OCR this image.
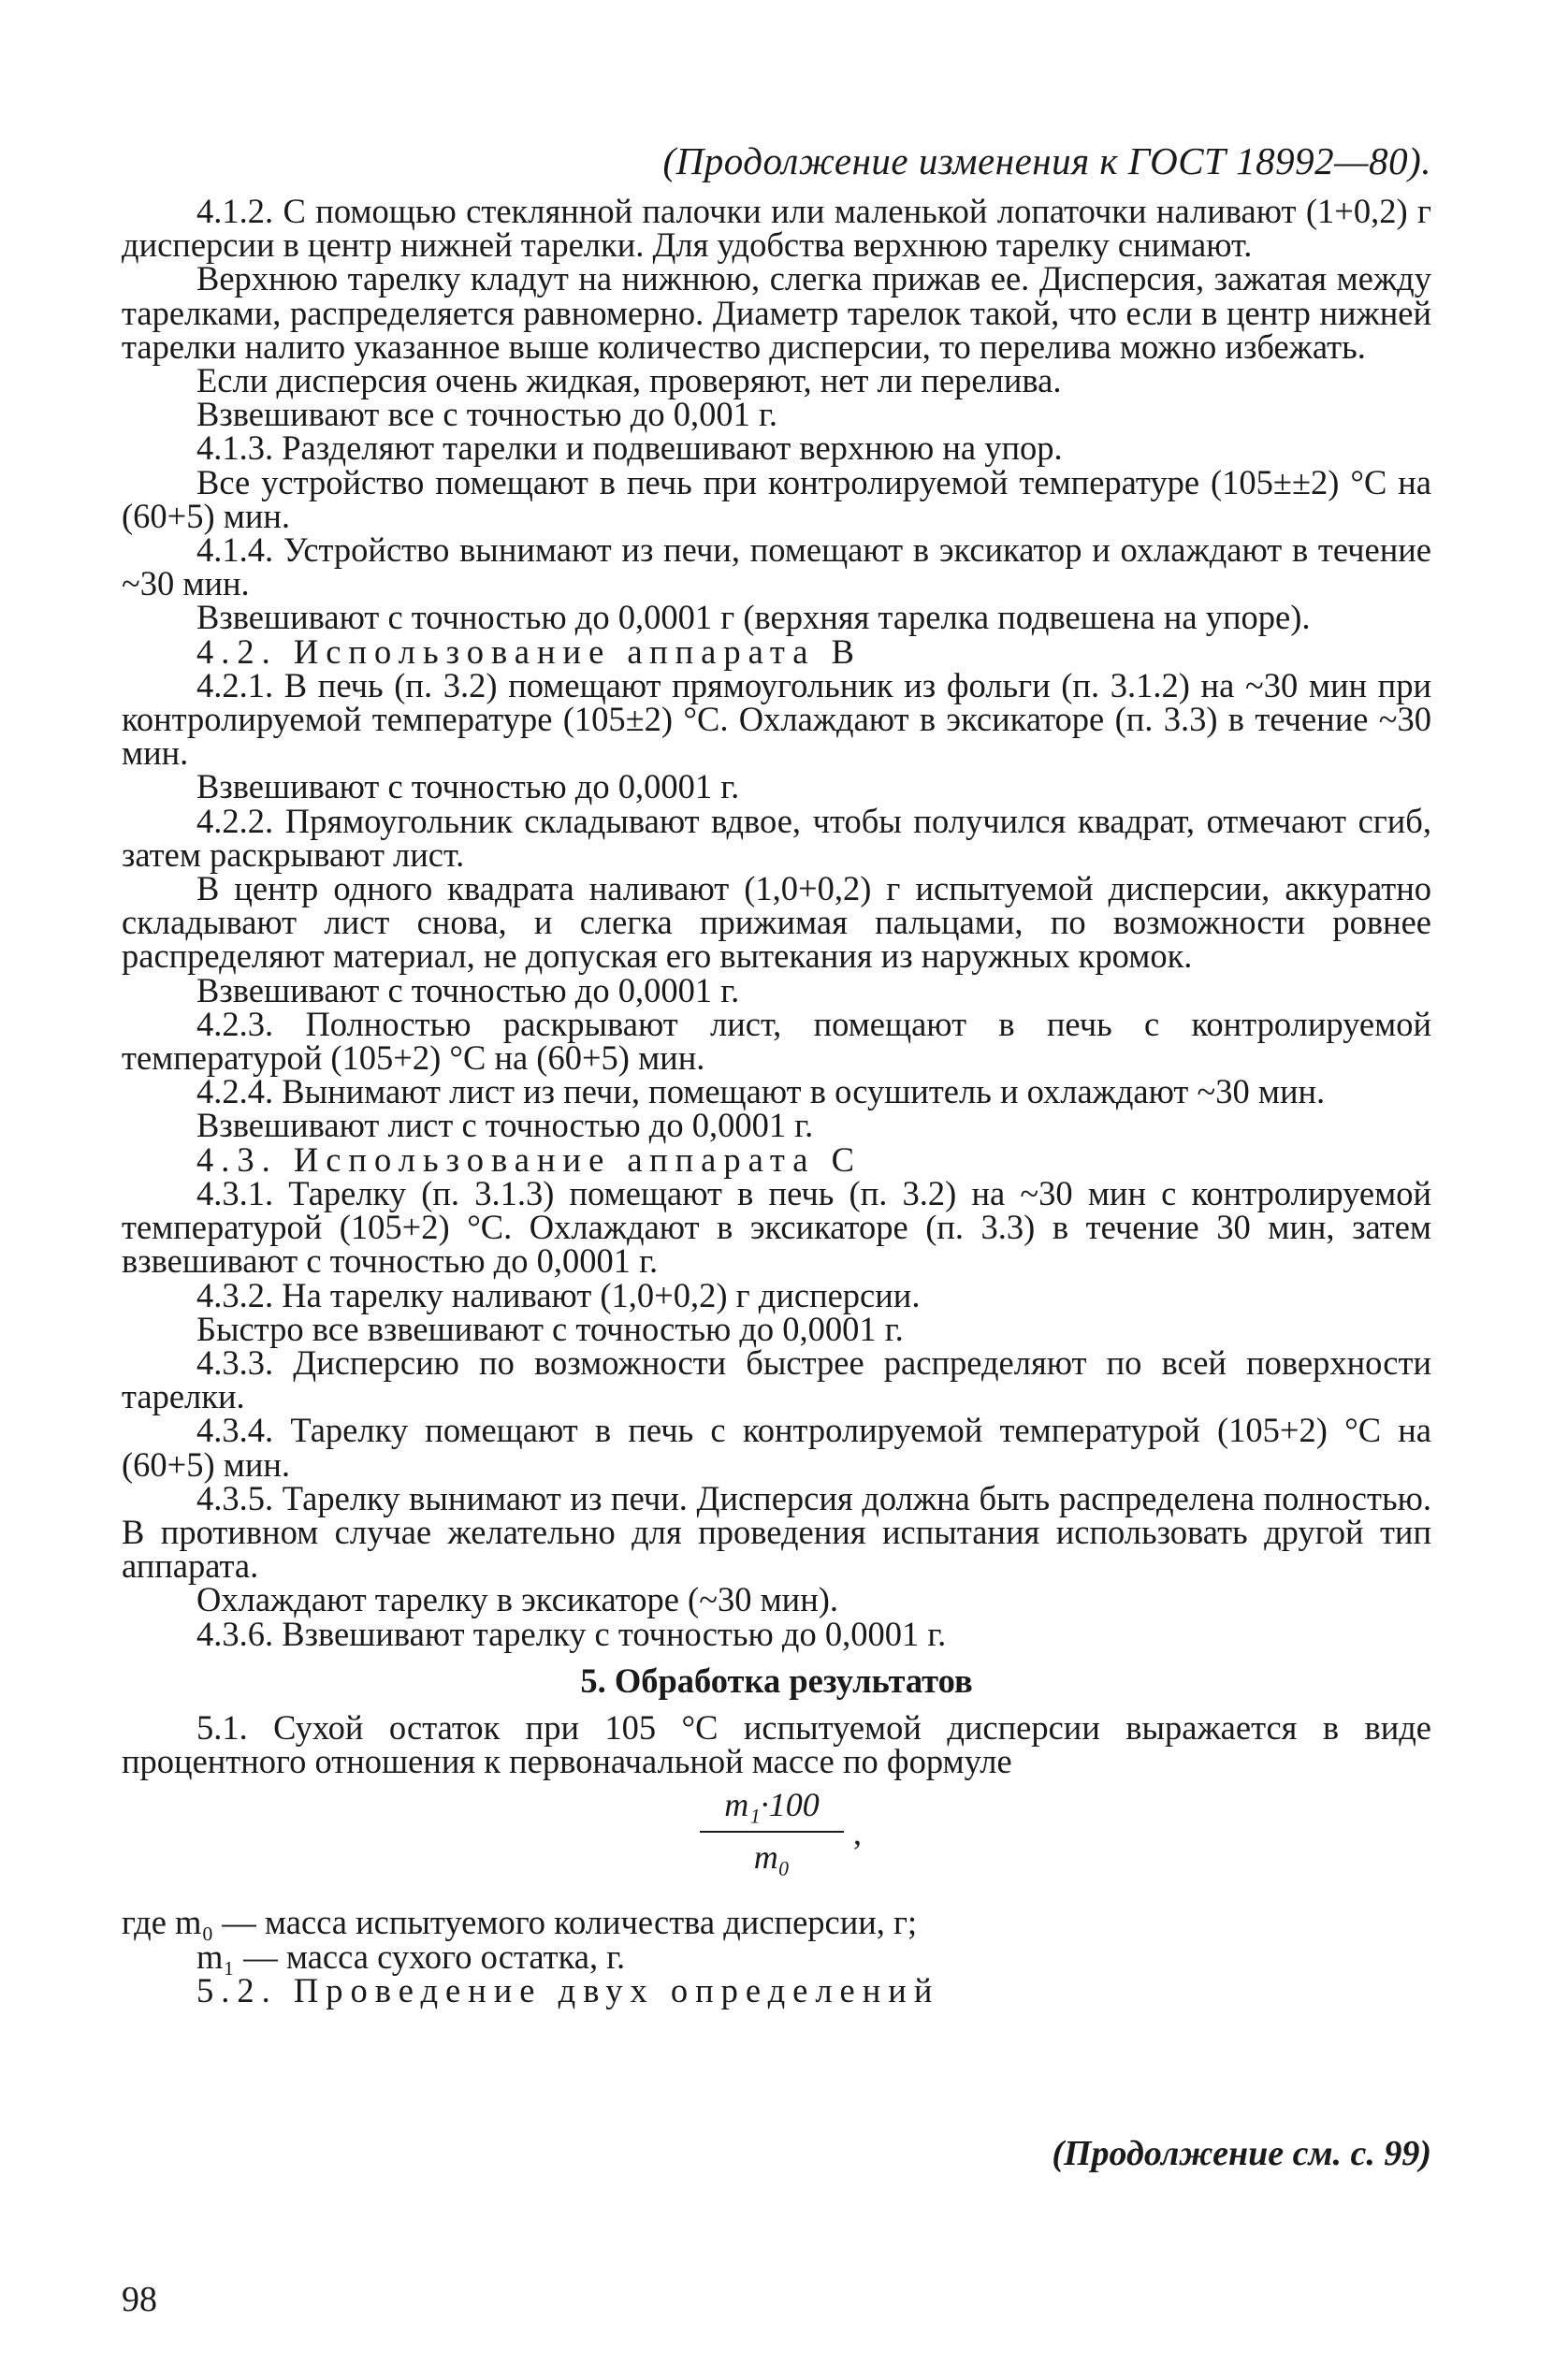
(Продолжение изменения к ГОСТ 18992—80).

4.1.2. С помощью стеклянной палочки или маленькой лопаточки наливают (1+0,2) г дисперсии в центр нижней тарелки. Для удобства верхнюю тарелку снимают.

Верхнюю тарелку кладут на нижнюю, слегка прижав ее. Дисперсия, зажатая между тарелками, распределяется равномерно. Диаметр тарелок такой, что если в центр нижней тарелки налито указанное выше количество дисперсии, то перелива можно избежать.

Если дисперсия очень жидкая, проверяют, нет ли перелива.

Взвешивают все с точностью до 0,001 г.

4.1.3. Разделяют тарелки и подвешивают верхнюю на упор.

Все устройство помещают в печь при контролируемой температуре (105±±2) °С на (60+5) мин.

4.1.4. Устройство вынимают из печи, помещают в эксикатор и охлаждают в течение ~30 мин.

Взвешивают с точностью до 0,0001 г (верхняя тарелка подвешена на упоре).

4.2. Использование аппарата В

4.2.1. В печь (п. 3.2) помещают прямоугольник из фольги (п. 3.1.2) на ~30 мин при контролируемой температуре (105±2) °С. Охлаждают в эксикаторе (п. 3.3) в течение ~30 мин.

Взвешивают с точностью до 0,0001 г.

4.2.2. Прямоугольник складывают вдвое, чтобы получился квадрат, отмечают сгиб, затем раскрывают лист.

В центр одного квадрата наливают (1,0+0,2) г испытуемой дисперсии, аккуратно складывают лист снова, и слегка прижимая пальцами, по возможности ровнее распределяют материал, не допуская его вытекания из наружных кромок.

Взвешивают с точностью до 0,0001 г.

4.2.3. Полностью раскрывают лист, помещают в печь с контролируемой температурой (105+2) °С на (60+5) мин.

4.2.4. Вынимают лист из печи, помещают в осушитель и охлаждают ~30 мин.

Взвешивают лист с точностью до 0,0001 г.

4.3. Использование аппарата С

4.3.1. Тарелку (п. 3.1.3) помещают в печь (п. 3.2) на ~30 мин с контролируемой температурой (105+2) °С. Охлаждают в эксикаторе (п. 3.3) в течение 30 мин, затем взвешивают с точностью до 0,0001 г.

4.3.2. На тарелку наливают (1,0+0,2) г дисперсии.

Быстро все взвешивают с точностью до 0,0001 г.

4.3.3. Дисперсию по возможности быстрее распределяют по всей поверхности тарелки.

4.3.4. Тарелку помещают в печь с контролируемой температурой (105+2) °С на (60+5) мин.

4.3.5. Тарелку вынимают из печи. Дисперсия должна быть распределена полностью. В противном случае желательно для проведения испытания использовать другой тип аппарата.

Охлаждают тарелку в эксикаторе (~30 мин).

4.3.6. Взвешивают тарелку с точностью до 0,0001 г.

5. Обработка результатов

5.1. Сухой остаток при 105 °С испытуемой дисперсии выражается в виде процентного отношения к первоначальной массе по формуле

m₁·100
m₀
,

где m₀ — масса испытуемого количества дисперсии, г;

m₁ — масса сухого остатка, г.

5.2. Проведение двух определений

(Продолжение см. с. 99)
98
